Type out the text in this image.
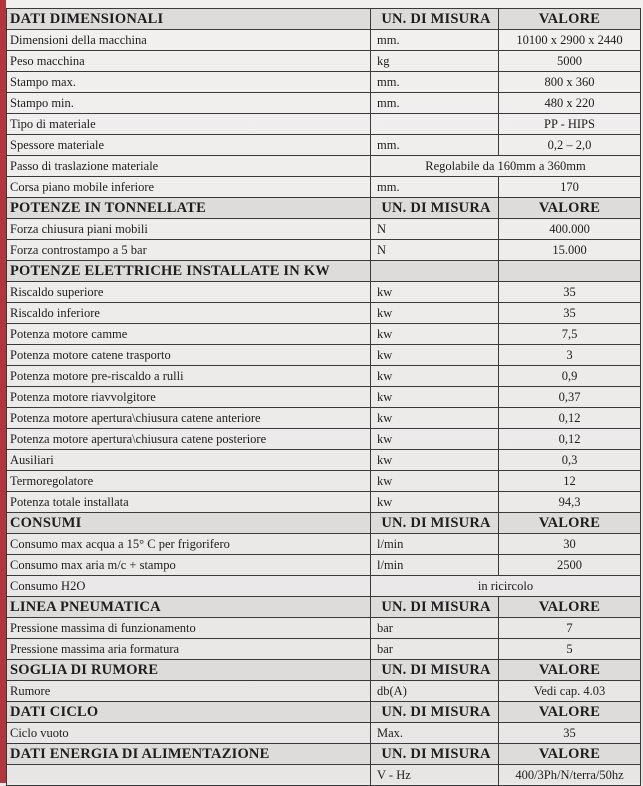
DATI DIMENSIONALI	UN. DI MISURA	VALORE
Dimensioni della macchina	mm.	10100 x 2900 x 2440
Peso macchina	kg	5000
Stampo max.	mm.	800 x 360
Stampo min.	mm.	480 x 220
Tipo di materiale		PP - HIPS
Spessore materiale	mm.	0,2 – 2,0
Passo di traslazione materiale	Regolabile da 160mm a 360mm	
Corsa piano mobile inferiore	mm.	170
POTENZE IN TONNELLATE	UN. DI MISURA	VALORE
Forza chiusura piani mobili	N	400.000
Forza controstampo a 5 bar	N	15.000
POTENZE ELETTRICHE INSTALLATE IN KW		
Riscaldo superiore	kw	35
Riscaldo inferiore	kw	35
Potenza motore camme	kw	7,5
Potenza motore catene trasporto	kw	3
Potenza motore pre-riscaldo a rulli	kw	0,9
Potenza motore riavvolgitore	kw	0,37
Potenza motore apertura\chiusura catene anteriore	kw	0,12
Potenza motore apertura\chiusura catene posteriore	kw	0,12
Ausiliari	kw	0,3
Termoregolatore	kw	12
Potenza totale installata	kw	94,3
CONSUMI	UN. DI MISURA	VALORE
Consumo max acqua a 15° C per frigorifero	l/min	30
Consumo max aria m/c + stampo	l/min	2500
Consumo H2O	in ricircolo	
LINEA PNEUMATICA	UN. DI MISURA	VALORE
Pressione massima di funzionamento	bar	7
Pressione massima aria formatura	bar	5
SOGLIA DI RUMORE	UN. DI MISURA	VALORE
Rumore	db(A)	Vedi cap. 4.03
DATI CICLO	UN. DI MISURA	VALORE
Ciclo vuoto	Max.	35
DATI ENERGIA DI ALIMENTAZIONE	UN. DI MISURA	VALORE
	V - Hz	400/3Ph/N/terra/50hz
